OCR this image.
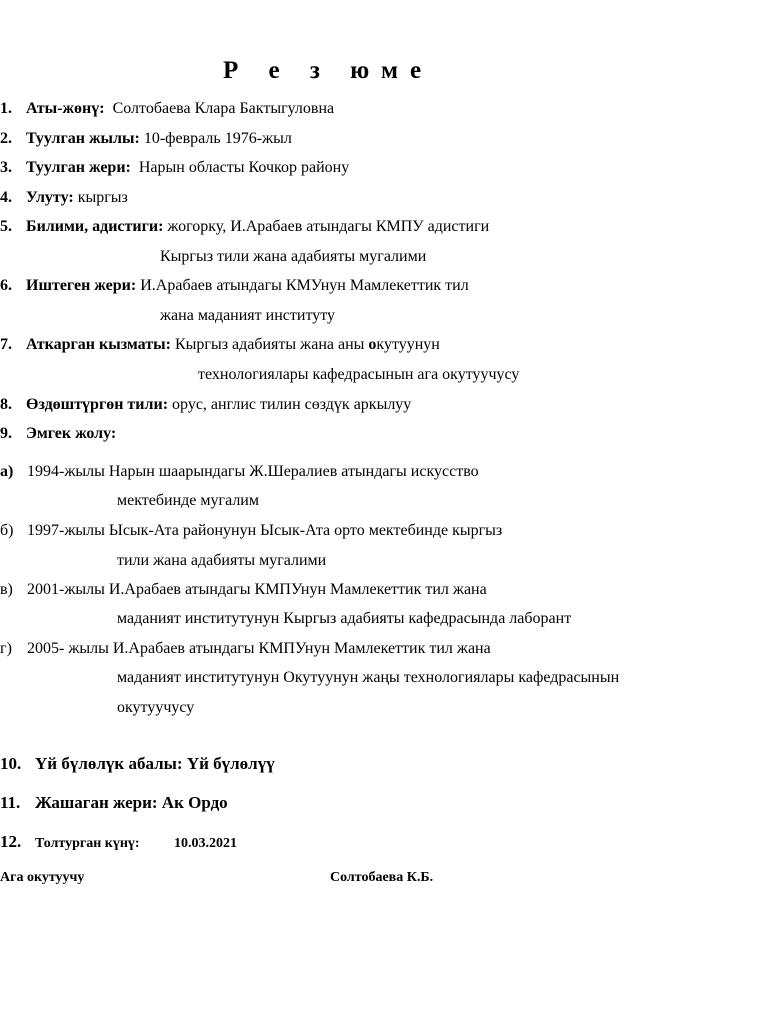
Р е з юме
1. Аты-жөнү:  Солтобаева Клара Бактыгуловна
2. Туулган жылы: 10-февраль 1976-жыл
3. Туулган жери:  Нарын областы Кочкор району
4. Улуту: кыргыз
5. Билими, адистиги: жогорку, И.Арабаев атындагы КМПУ адистиги
Кыргыз тили жана адабияты мугалими
6. Иштеген жери: И.Арабаев атындагы КМУнун Мамлекеттик тил
жана маданият институту
7. Аткарган кызматы: Кыргыз адабияты жана аны окутуунун
технологиялары кафедрасынын ага окутуучусу
8. Өздөштүргөн тили: орус, англис тилин сөздүк аркылуу
9. Эмгек жолу:
а) 1994-жылы Нарын шаарындагы Ж.Шералиев атындагы искусство
мектебинде мугалим
б) 1997-жылы Ысык-Ата районунун Ысык-Ата орто мектебинде кыргыз
тили жана адабияты мугалими
в) 2001-жылы И.Арабаев атындагы КМПУнун Мамлекеттик тил жана
маданият институтунун Кыргыз адабияты кафедрасында лаборант
г) 2005- жылы И.Арабаев атындагы КМПУнун Мамлекеттик тил жана
маданият институтунун Окутуунун жаңы технологиялары кафедрасынын
окутуучусу
10. Үй бүлөлүк абалы: Үй бүлөлүү
11. Жашаган жери: Ак Ордо
12. Толтурган күнү: 10.03.2021
Ага окутуучу	Солтобаева К.Б.
